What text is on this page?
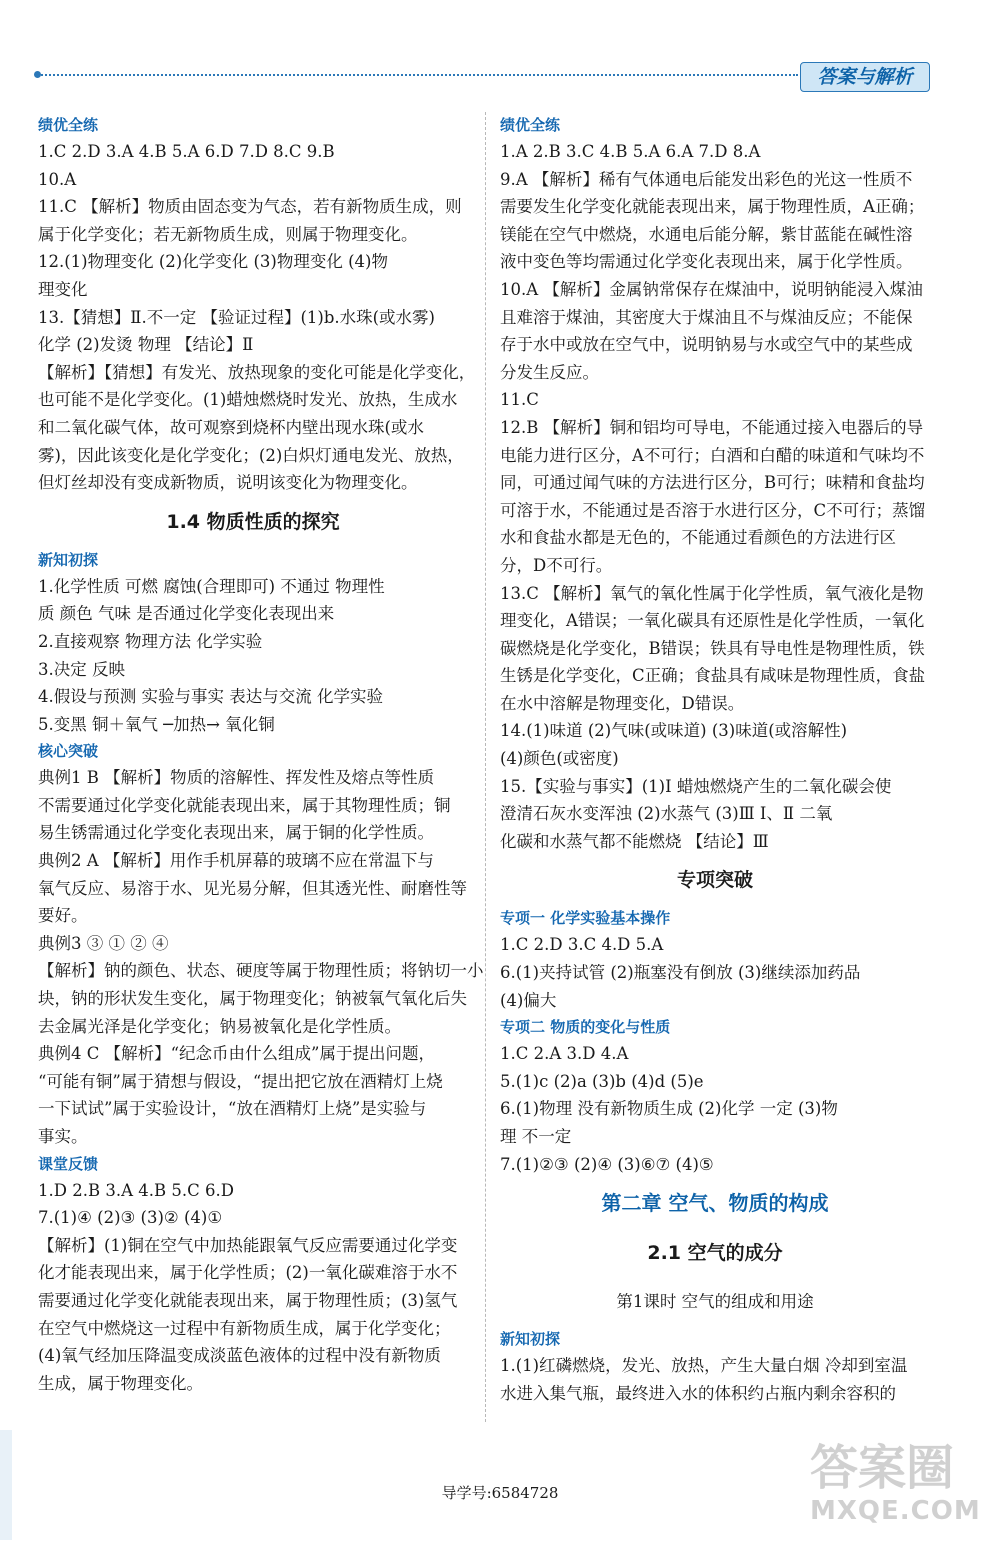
答案与解析

绩优全练

1.C 2.D 3.A 4.B 5.A 6.D 7.D 8.C 9.B

10.A

11.C 【解析】物质由固态变为气态，若有新物质生成，则

属于化学变化；若无新物质生成，则属于物理变化。

12.(1)物理变化 (2)化学变化 (3)物理变化 (4)物

理变化

13.【猜想】Ⅱ.不一定 【验证过程】(1)b.水珠(或水雾)

化学 (2)发烫 物理 【结论】Ⅱ

【解析】【猜想】有发光、放热现象的变化可能是化学变化，

也可能不是化学变化。(1)蜡烛燃烧时发光、放热，生成水

和二氧化碳气体，故可观察到烧杯内壁出现水珠(或水

雾)，因此该变化是化学变化；(2)白炽灯通电发光、放热，

但灯丝却没有变成新物质，说明该变化为物理变化。

1.4 物质性质的探究

新知初探

1.化学性质 可燃 腐蚀(合理即可) 不通过 物理性

质 颜色 气味 是否通过化学变化表现出来

2.直接观察 物理方法 化学实验

3.决定 反映

4.假设与预测 实验与事实 表达与交流 化学实验

5.变黑 铜＋氧气 ─加热→ 氧化铜

核心突破

典例1 B 【解析】物质的溶解性、挥发性及熔点等性质

不需要通过化学变化就能表现出来，属于其物理性质；铜

易生锈需通过化学变化表现出来，属于铜的化学性质。

典例2 A 【解析】用作手机屏幕的玻璃不应在常温下与

氧气反应、易溶于水、见光易分解，但其透光性、耐磨性等

要好。

典例3 ③ ① ② ④

【解析】钠的颜色、状态、硬度等属于物理性质；将钠切一小

块，钠的形状发生变化，属于物理变化；钠被氧气氧化后失

去金属光泽是化学变化；钠易被氧化是化学性质。

典例4 C 【解析】“纪念币由什么组成”属于提出问题，

“可能有铜”属于猜想与假设，“提出把它放在酒精灯上烧

一下试试”属于实验设计，“放在酒精灯上烧”是实验与

事实。

课堂反馈

1.D 2.B 3.A 4.B 5.C 6.D

7.(1)④ (2)③ (3)② (4)①

【解析】(1)铜在空气中加热能跟氧气反应需要通过化学变

化才能表现出来，属于化学性质；(2)一氧化碳难溶于水不

需要通过化学变化就能表现出来，属于物理性质；(3)氢气

在空气中燃烧这一过程中有新物质生成，属于化学变化；

(4)氧气经加压降温变成淡蓝色液体的过程中没有新物质

生成，属于物理变化。

绩优全练

1.A 2.B 3.C 4.B 5.A 6.A 7.D 8.A

9.A 【解析】稀有气体通电后能发出彩色的光这一性质不

需要发生化学变化就能表现出来，属于物理性质，A正确；

镁能在空气中燃烧，水通电后能分解，紫甘蓝能在碱性溶

液中变色等均需通过化学变化表现出来，属于化学性质。

10.A 【解析】金属钠常保存在煤油中，说明钠能浸入煤油

且难溶于煤油，其密度大于煤油且不与煤油反应；不能保

存于水中或放在空气中，说明钠易与水或空气中的某些成

分发生反应。

11.C

12.B 【解析】铜和铝均可导电，不能通过接入电器后的导

电能力进行区分，A不可行；白酒和白醋的味道和气味均不

同，可通过闻气味的方法进行区分，B可行；味精和食盐均

可溶于水，不能通过是否溶于水进行区分，C不可行；蒸馏

水和食盐水都是无色的，不能通过看颜色的方法进行区

分，D不可行。

13.C 【解析】氧气的氧化性属于化学性质，氧气液化是物

理变化，A错误；一氧化碳具有还原性是化学性质，一氧化

碳燃烧是化学变化，B错误；铁具有导电性是物理性质，铁

生锈是化学变化，C正确；食盐具有咸味是物理性质，食盐

在水中溶解是物理变化，D错误。

14.(1)味道 (2)气味(或味道) (3)味道(或溶解性)

(4)颜色(或密度)

15.【实验与事实】(1)Ⅰ 蜡烛燃烧产生的二氧化碳会使

澄清石灰水变浑浊 (2)水蒸气 (3)Ⅲ Ⅰ、Ⅱ 二氧

化碳和水蒸气都不能燃烧 【结论】Ⅲ

专项突破

专项一 化学实验基本操作

1.C 2.D 3.C 4.D 5.A

6.(1)夹持试管 (2)瓶塞没有倒放 (3)继续添加药品

(4)偏大

专项二 物质的变化与性质

1.C 2.A 3.D 4.A

5.(1)c (2)a (3)b (4)d (5)e

6.(1)物理 没有新物质生成 (2)化学 一定 (3)物

理 不一定

7.(1)②③ (2)④ (3)⑥⑦ (4)⑤

第二章 空气、物质的构成

2.1 空气的成分

第1课时 空气的组成和用途

新知初探

1.(1)红磷燃烧，发光、放热，产生大量白烟 冷却到室温

水进入集气瓶，最终进入水的体积约占瓶内剩余容积的

导学号:6584728	答案圈
MXQE.COM
